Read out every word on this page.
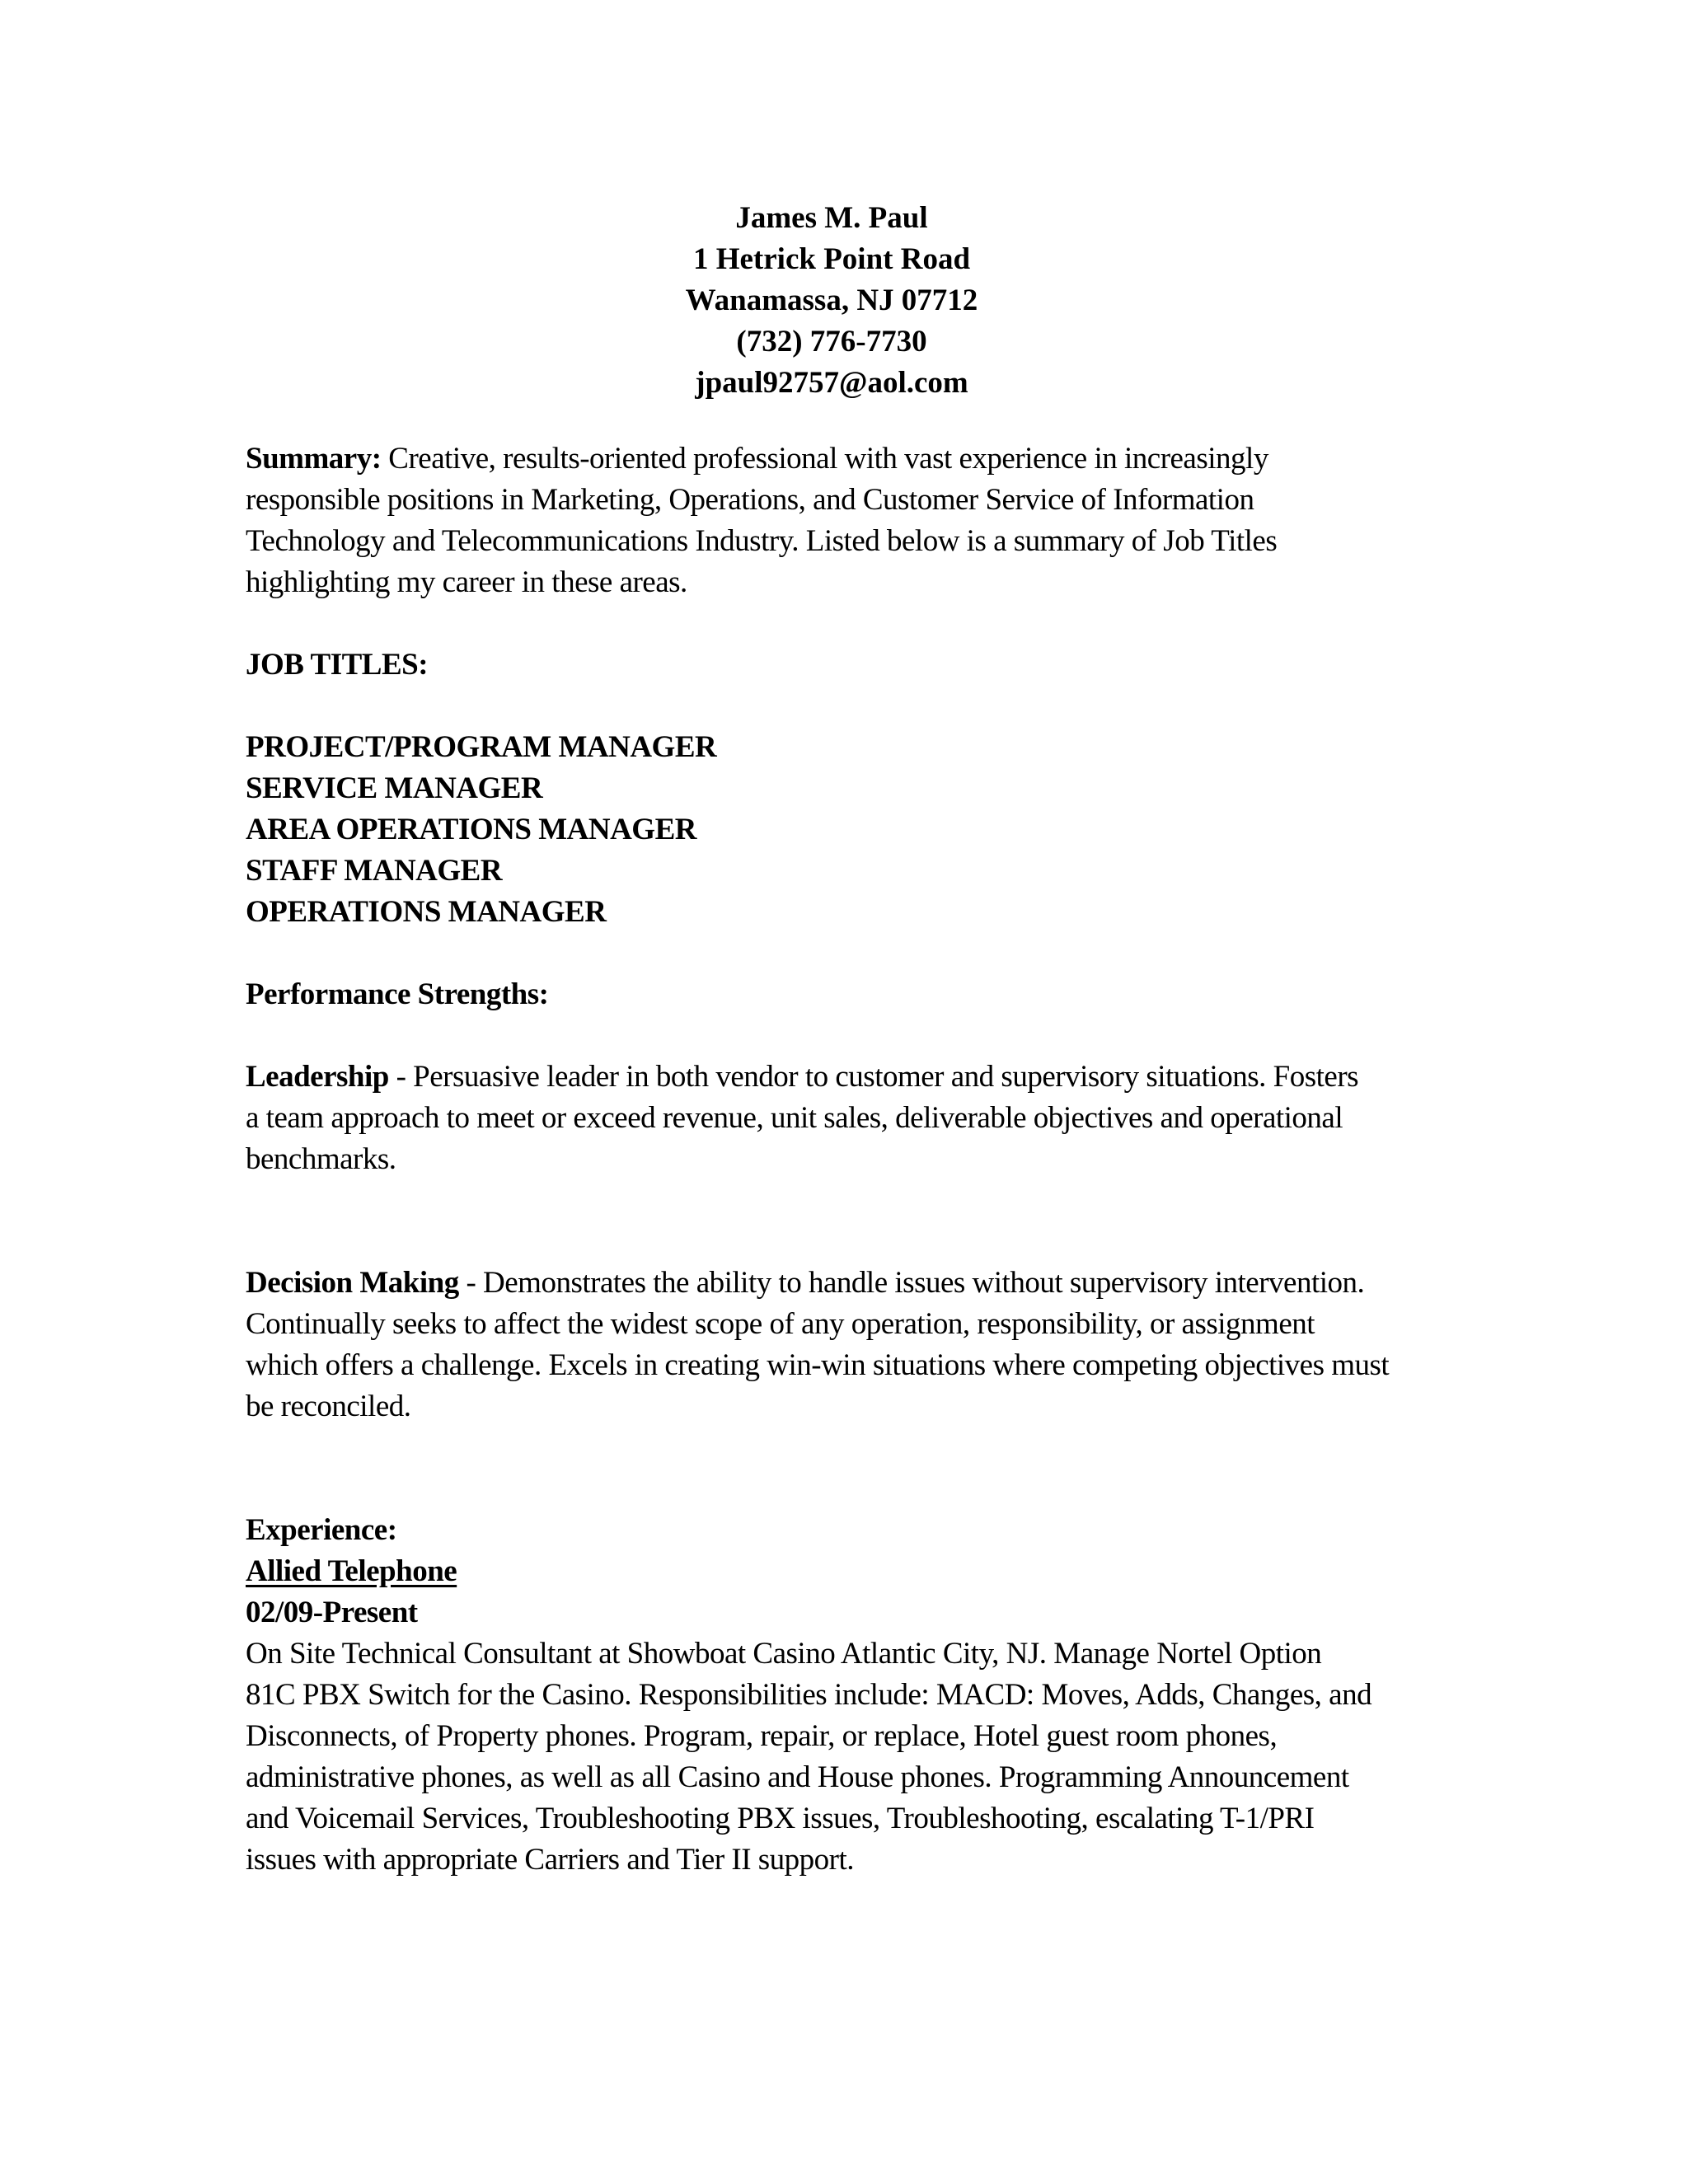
James M. Paul
1 Hetrick Point Road
Wanamassa, NJ 07712
(732) 776-7730
jpaul92757@aol.com

Summary: Creative, results-oriented professional with vast experience in increasingly
responsible positions in Marketing, Operations, and Customer Service of Information
Technology and Telecommunications Industry. Listed below is a summary of Job Titles
highlighting my career in these areas.

JOB TITLES:

PROJECT/PROGRAM MANAGER
SERVICE MANAGER
AREA OPERATIONS MANAGER
STAFF MANAGER
OPERATIONS MANAGER

Performance Strengths:

Leadership - Persuasive leader in both vendor to customer and supervisory situations. Fosters
a team approach to meet or exceed revenue, unit sales, deliverable objectives and operational
benchmarks.

Decision Making - Demonstrates the ability to handle issues without supervisory intervention.
Continually seeks to affect the widest scope of any operation, responsibility, or assignment
which offers a challenge. Excels in creating win-win situations where competing objectives must
be reconciled.

Experience:
Allied Telephone
02/09-Present
On Site Technical Consultant at Showboat Casino Atlantic City, NJ. Manage Nortel Option
81C PBX Switch for the Casino. Responsibilities include: MACD: Moves, Adds, Changes, and
Disconnects, of Property phones. Program, repair, or replace, Hotel guest room phones,
administrative phones, as well as all Casino and House phones. Programming Announcement
and Voicemail Services, Troubleshooting PBX issues, Troubleshooting, escalating T-1/PRI
issues with appropriate Carriers and Tier II support.
